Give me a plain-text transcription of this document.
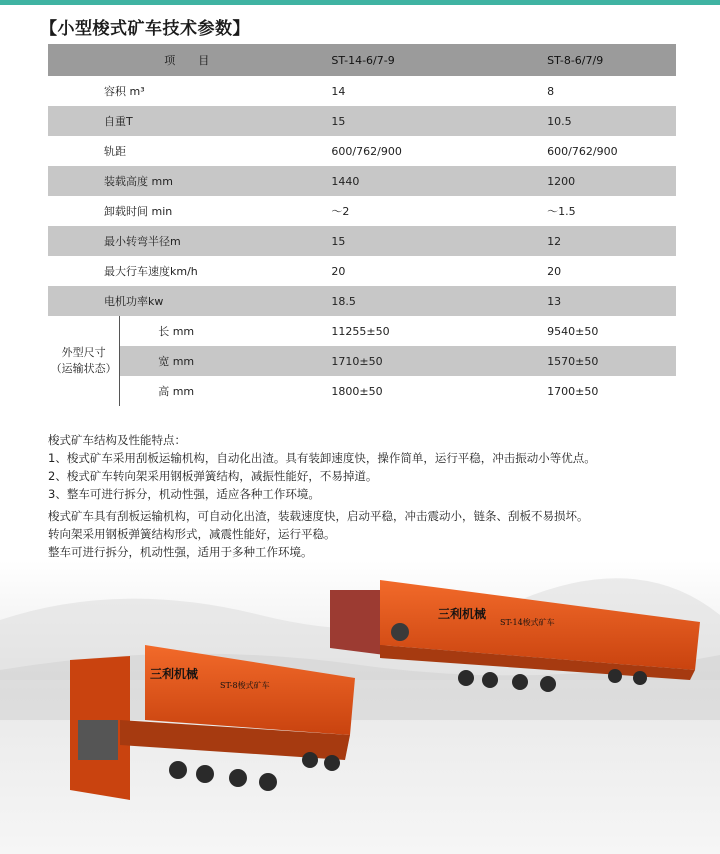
【小型梭式矿车技术参数】
项　目		ST-14-6/7-9	ST-8-6/7/9
容积 m³		14	8
自重T		15	10.5
轨距		600/762/900	600/762/900
装载高度 mm		1440	1200
卸载时间 min		～2	～1.5
最小转弯半径m		15	12
最大行车速度km/h		20	20
电机功率kw		18.5	13

外型尺寸
（运输状态）	长 mm	11255±50	9540±50
	宽 mm	1710±50	1570±50
	高 mm	1800±50	1700±50

梭式矿车结构及性能特点：

1、梭式矿车采用刮板运输机构，自动化出渣。具有装卸速度快，操作简单，运行平稳，冲击振动小等优点。

2、梭式矿车转向架采用钢板弹簧结构，减振性能好，不易掉道。

3、整车可进行拆分，机动性强，适应各种工作环境。

梭式矿车具有刮板运输机构，可自动化出渣，装载速度快，启动平稳，冲击震动小，链条、刮板不易损坏。

转向架采用钢板弹簧结构形式，减震性能好，运行平稳。

整车可进行拆分，机动性强，适用于多种工作环境。

三利机械
ST-14梭式矿车
三利机械
ST-8梭式矿车
